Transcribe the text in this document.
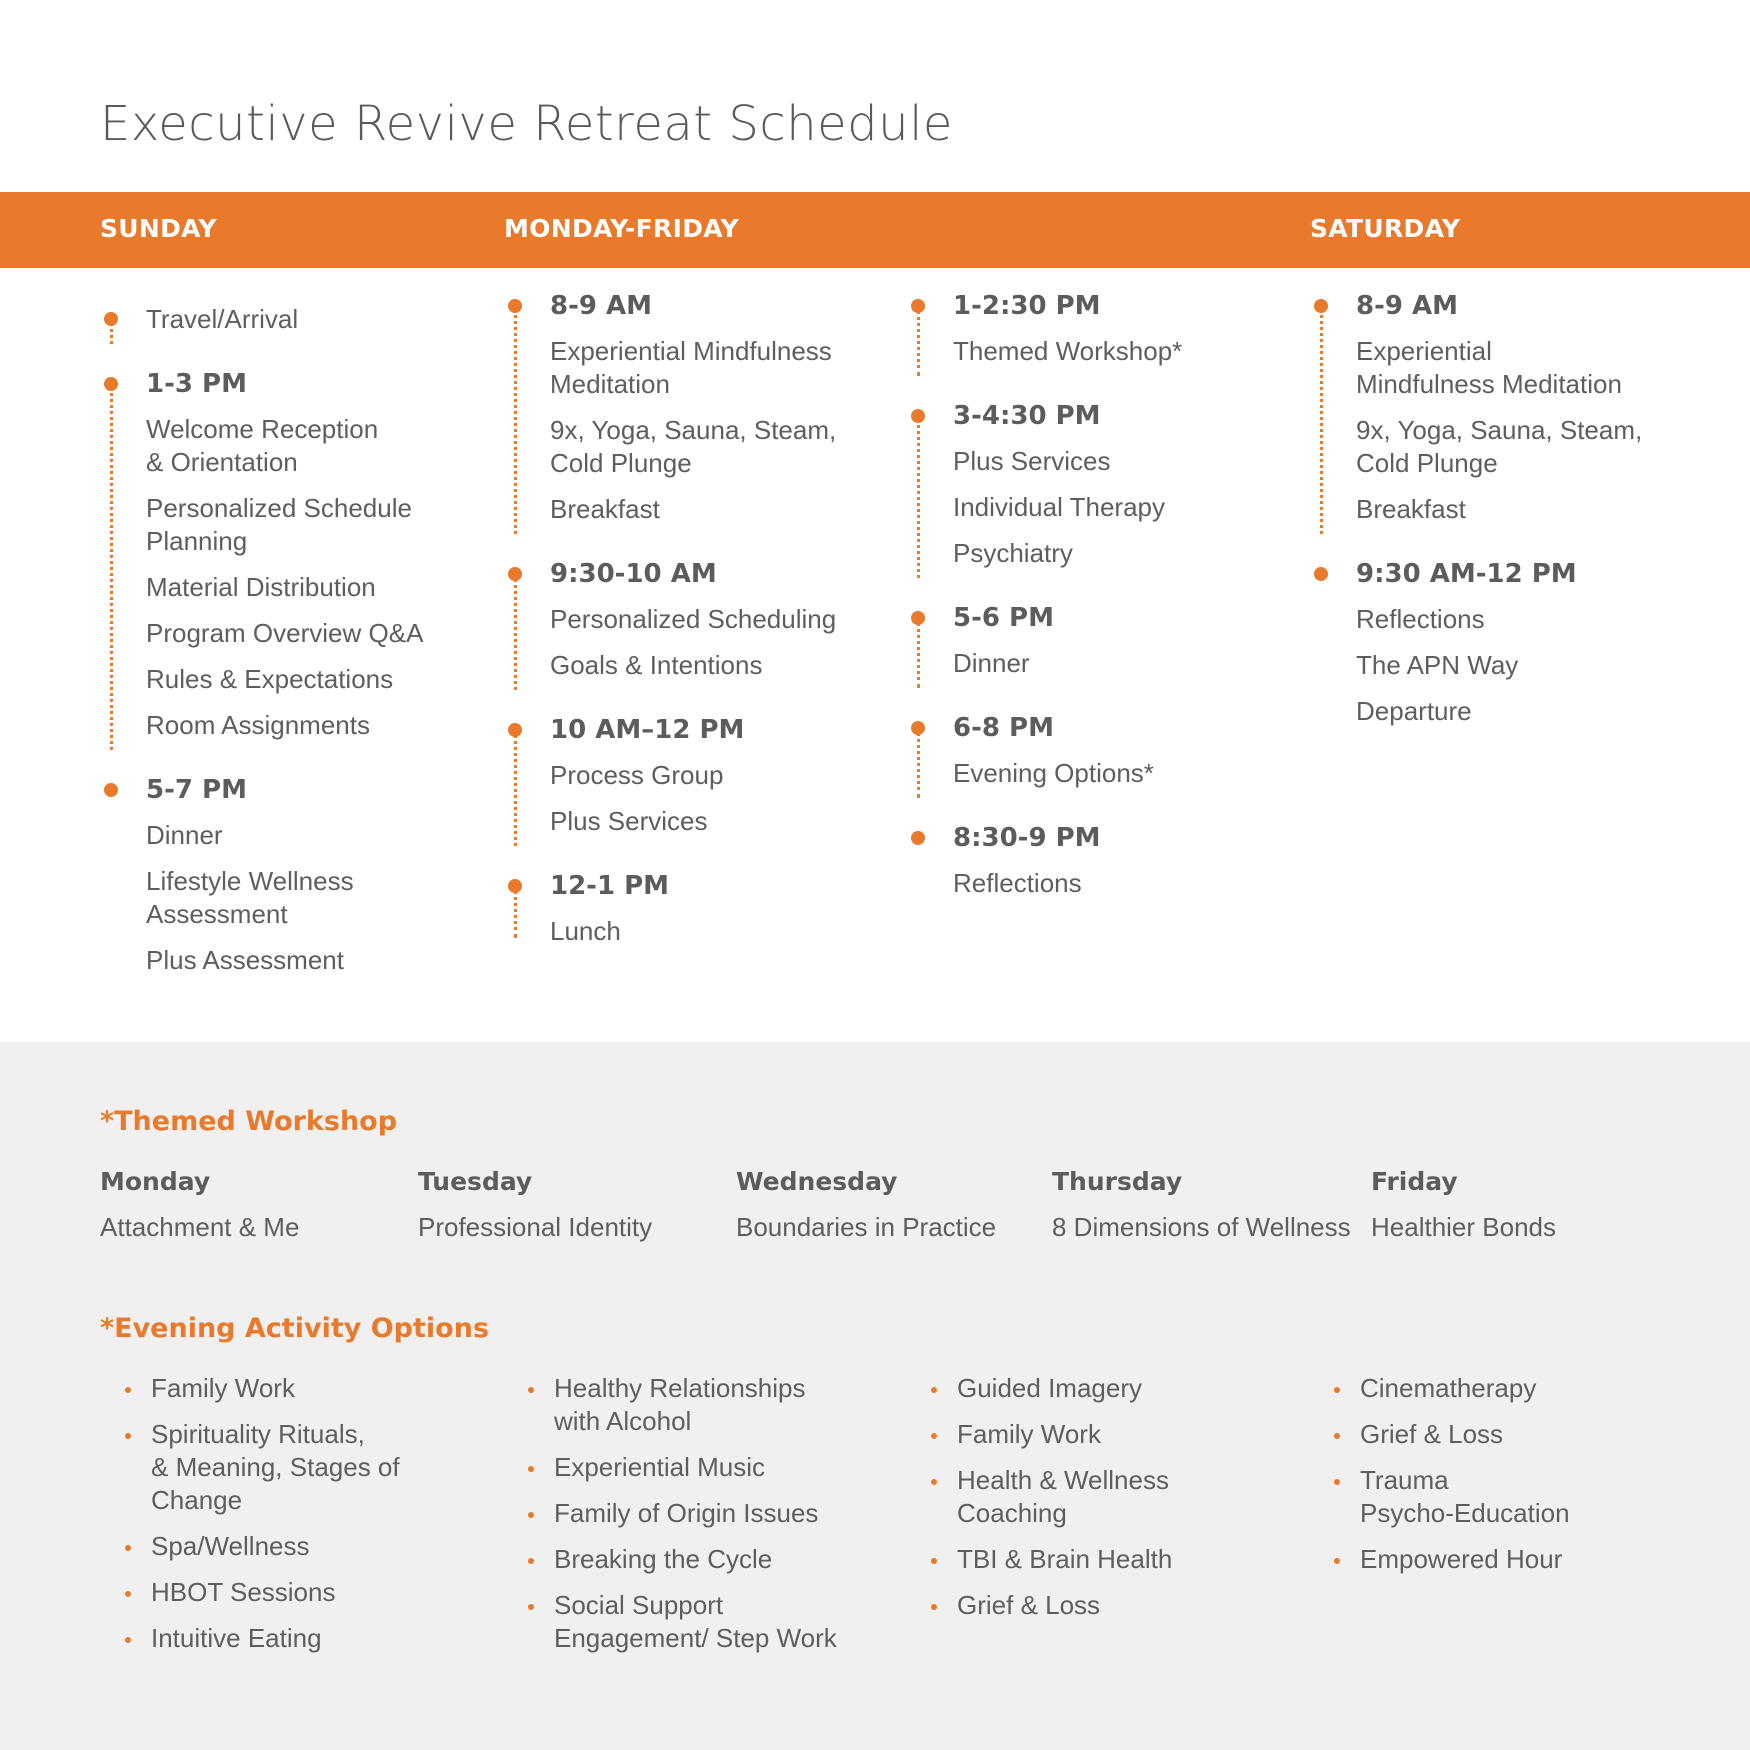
Executive Revive Retreat Schedule
SUNDAY	MONDAY-FRIDAY	SATURDAY
Travel/Arrival
1-3 PM
Welcome Reception
& Orientation
Personalized Schedule
Planning
Material Distribution
Program Overview Q&A
Rules & Expectations
Room Assignments
5-7 PM
Dinner
Lifestyle Wellness
Assessment
Plus Assessment
8-9 AM
Experiential Mindfulness
Meditation
9x, Yoga, Sauna, Steam,
Cold Plunge
Breakfast
9:30-10 AM
Personalized Scheduling
Goals & Intentions
10 AM–12 PM
Process Group
Plus Services
12-1 PM
Lunch
1-2:30 PM
Themed Workshop*
3-4:30 PM
Plus Services
Individual Therapy
Psychiatry
5-6 PM
Dinner
6-8 PM
Evening Options*
8:30-9 PM
Reflections
8-9 AM
Experiential
Mindfulness Meditation
9x, Yoga, Sauna, Steam,
Cold Plunge
Breakfast
9:30 AM-12 PM
Reflections
The APN Way
Departure
*Themed Workshop
Monday
Attachment & Me
Tuesday
Professional Identity
Wednesday
Boundaries in Practice
Thursday
8 Dimensions of Wellness
Friday
Healthier Bonds
*Evening Activity Options
Family Work
Spirituality Rituals,
& Meaning, Stages of
Change
Spa/Wellness
HBOT Sessions
Intuitive Eating
Healthy Relationships
with Alcohol
Experiential Music
Family of Origin Issues
Breaking the Cycle
Social Support
Engagement/ Step Work
Guided Imagery
Family Work
Health & Wellness
Coaching
TBI & Brain Health
Grief & Loss
Cinematherapy
Grief & Loss
Trauma
Psycho-Education
Empowered Hour
